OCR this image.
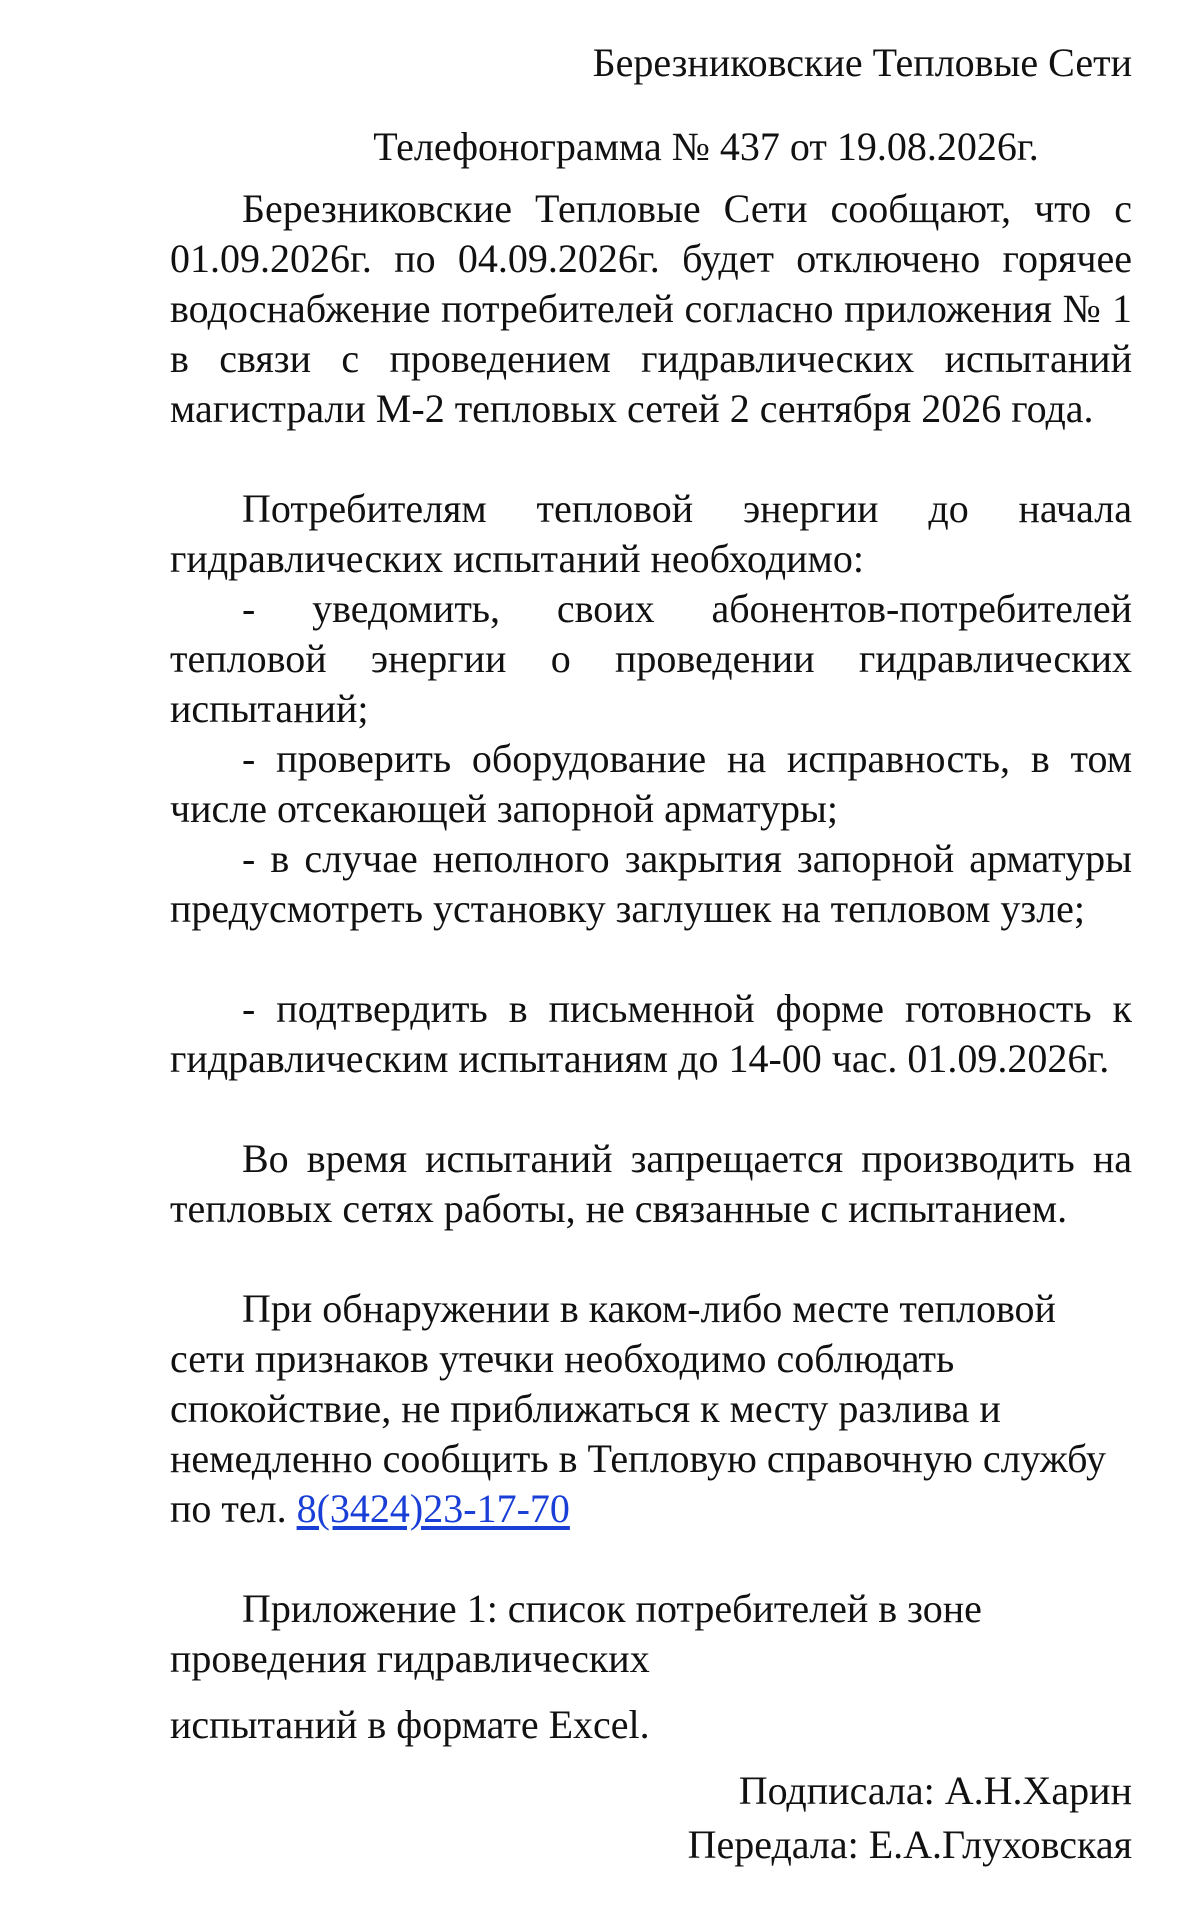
Березниковские Тепловые Сети
Телефонограмма № 437 от 19.08.2026г.

Березниковские Тепловые Сети сообщают, что с 01.09.2026г. по 04.09.2026г. будет отключено горячее водоснабжение потребителей согласно приложения № 1 в связи с проведением гидравлических испытаний магистрали М-2 тепловых сетей 2 сентября 2026 года.

Потребителям тепловой энергии до начала гидравлических испытаний необходимо:

- уведомить, своих абонентов-потребителей тепловой энергии о проведении гидравлических испытаний;

- проверить оборудование на исправность, в том числе отсекающей запорной арматуры;

- в случае неполного закрытия запорной арматуры предусмотреть установку заглушек на тепловом узле;

- подтвердить в письменной форме готовность к гидравлическим испытаниям до 14-00 час. 01.09.2026г.

Во время испытаний запрещается производить на тепловых сетях работы, не связанные с испытанием.

При обнаружении в каком-либо месте тепловой сети признаков утечки необходимо соблюдать спокойствие, не приближаться к месту разлива и немедленно сообщить в Тепловую справочную службу по тел. 8(3424)23-17-70

Приложение 1: список потребителей в зоне проведения гидравлических

испытаний в формате Excel.

Подписала: А.Н.Харин
Передала: Е.А.Глуховская
